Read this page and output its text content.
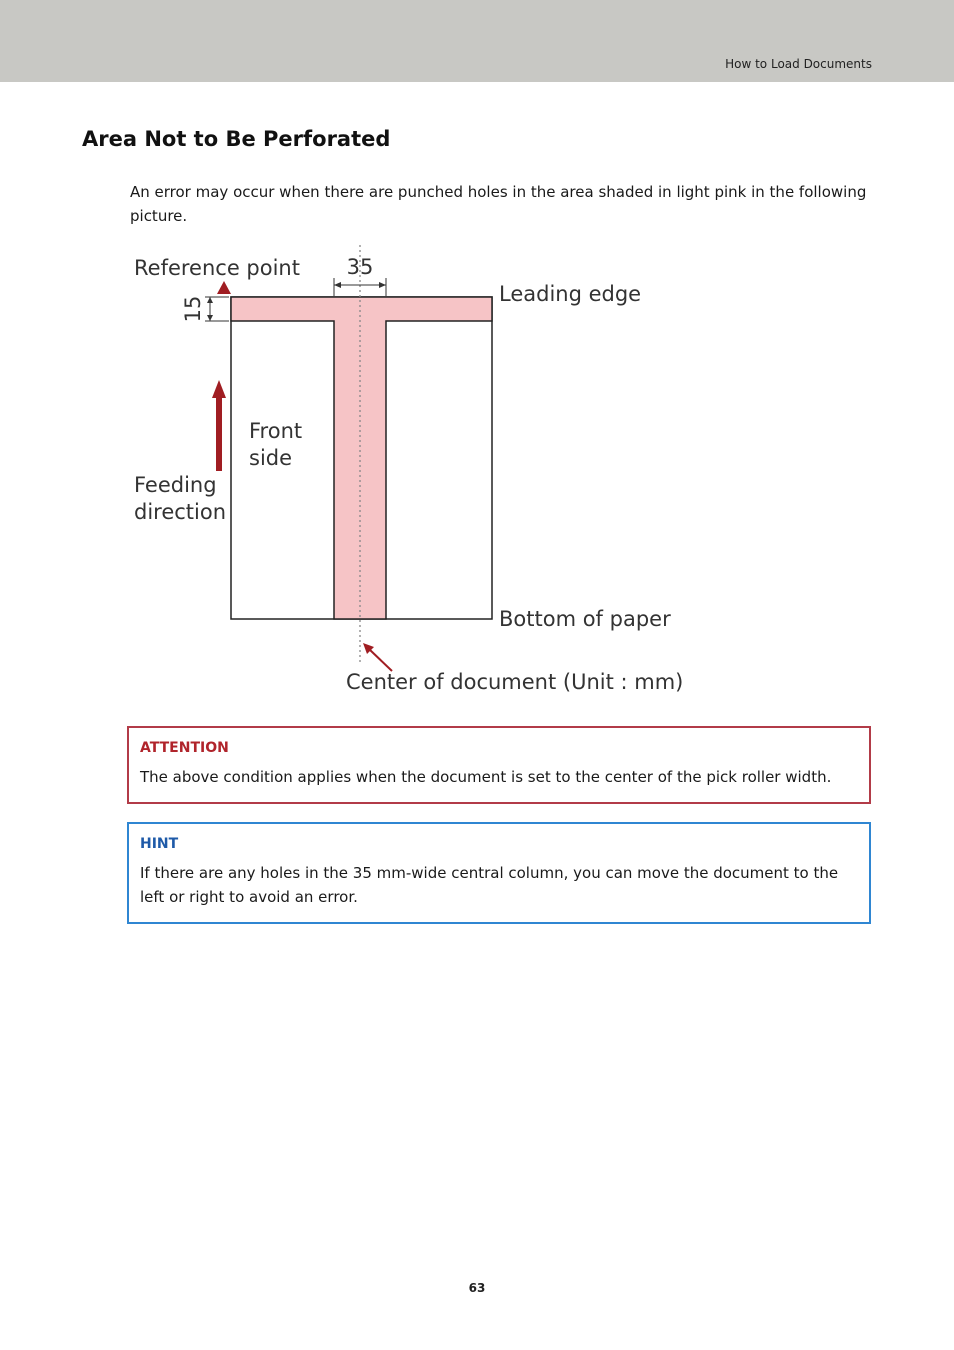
How to Load Documents
Area Not to Be Perforated

An error may occur when there are punched holes in the area shaded in light pink in the following picture.

35
15
Reference point
Leading edge
Feeding
direction
Front
side
Bottom of paper
Center of document (Unit : mm)

ATTENTION

The above condition applies when the document is set to the center of the pick roller width.

HINT

If there are any holes in the 35 mm-wide central column, you can move the document to the left or right to avoid an error.

63
